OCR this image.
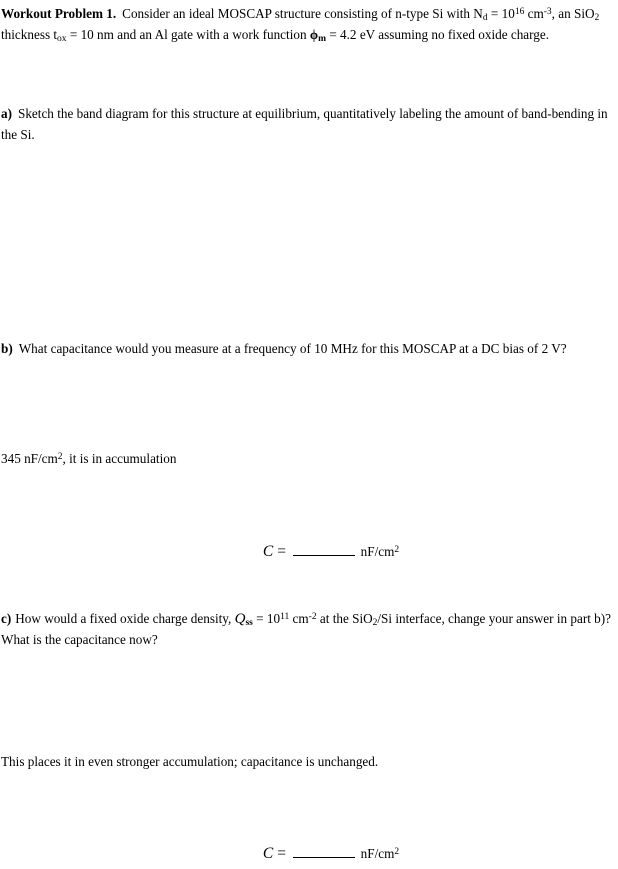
Workout Problem 1. Consider an ideal MOSCAP structure consisting of n-type Si with $N_d = 10^{16}$ $cm^{-3}$, an SiO$_2$ thickness $t_{ox} = 10$ nm and an Al gate with a work function $\phi_m = 4.2$ eV assuming no fixed oxide charge.

a) Sketch the band diagram for this structure at equilibrium, quantitatively labeling the amount of band-bending in the Si.

b) What capacitance would you measure at a frequency of 10 MHz for this MOSCAP at a DC bias of 2 V?

345 $nF/cm^2$, it is in accumulation

C =	$nF/cm^2$

c) How would a fixed oxide charge density, $Q_{ss} = 10^{11}$ $cm^{-2}$ at the SiO$_2$/Si interface, change your answer in part b)? What is the capacitance now?

This places it in even stronger accumulation; capacitance is unchanged.

C =	$nF/cm^2$
